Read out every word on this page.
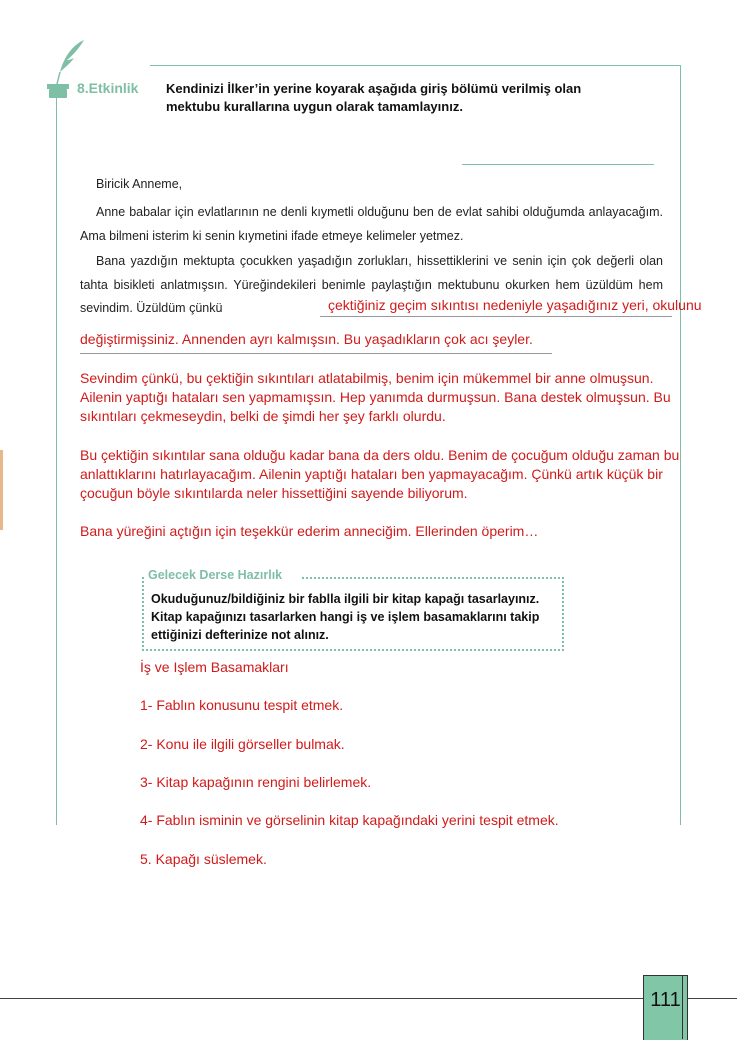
8.Etkinlik Kendinizi İlker’in yerine koyarak aşağıda giriş bölümü verilmiş olan
mektubu kurallarına uygun olarak tamamlayınız.
Biricik Anneme,
Anne babalar için evlatlarının ne denli kıymetli olduğunu ben de evlat sahibi olduğumda anlayacağım. Ama bilmeni isterim ki senin kıymetini ifade etmeye kelimeler yetmez.
Bana yazdığın mektupta çocukken yaşadığın zorlukları, hissettiklerini ve senin için çok değerli olan tahta bisikleti anlatmışsın. Yüreğindekileri benimle paylaştığın mektubunu okurken hem üzüldüm hem sevindim. Üzüldüm çünkü	çektiğiniz geçim sıkıntısı nedeniyle yaşadığınız yeri, okulunu
değiştirmişsiniz. Annenden ayrı kalmışsın. Bu yaşadıkların çok acı şeyler.
Sevindim çünkü, bu çektiğin sıkıntıları atlatabilmiş, benim için mükemmel bir anne olmuşsun. Ailenin yaptığı hataları sen yapmamışsın. Hep yanımda durmuşsun. Bana destek olmuşsun. Bu sıkıntıları çekmeseydin, belki de şimdi her şey farklı olurdu.
Bu çektiğin sıkıntılar sana olduğu kadar bana da ders oldu. Benim de çocuğum olduğu zaman bu anlattıklarını hatırlayacağım. Ailenin yaptığı hataları ben yapmayacağım. Çünkü artık küçük bir çocuğun böyle sıkıntılarda neler hissettiğini sayende biliyorum.
Bana yüreğini açtığın için teşekkür ederim anneciğim. Ellerinden öperim…
Gelecek Derse Hazırlık
Okuduğunuz/bildiğiniz bir fablla ilgili bir kitap kapağı tasarlayınız. Kitap kapağınızı tasarlarken hangi iş ve işlem basamaklarını takip ettiğinizi defterinize not alınız.
İş ve Işlem Basamakları
1- Fablın konusunu tespit etmek.
2- Konu ile ilgili görseller bulmak.
3- Kitap kapağının rengini belirlemek.
4- Fablın isminin ve görselinin kitap kapağındaki yerini tespit etmek.
5. Kapağı süslemek.
111
